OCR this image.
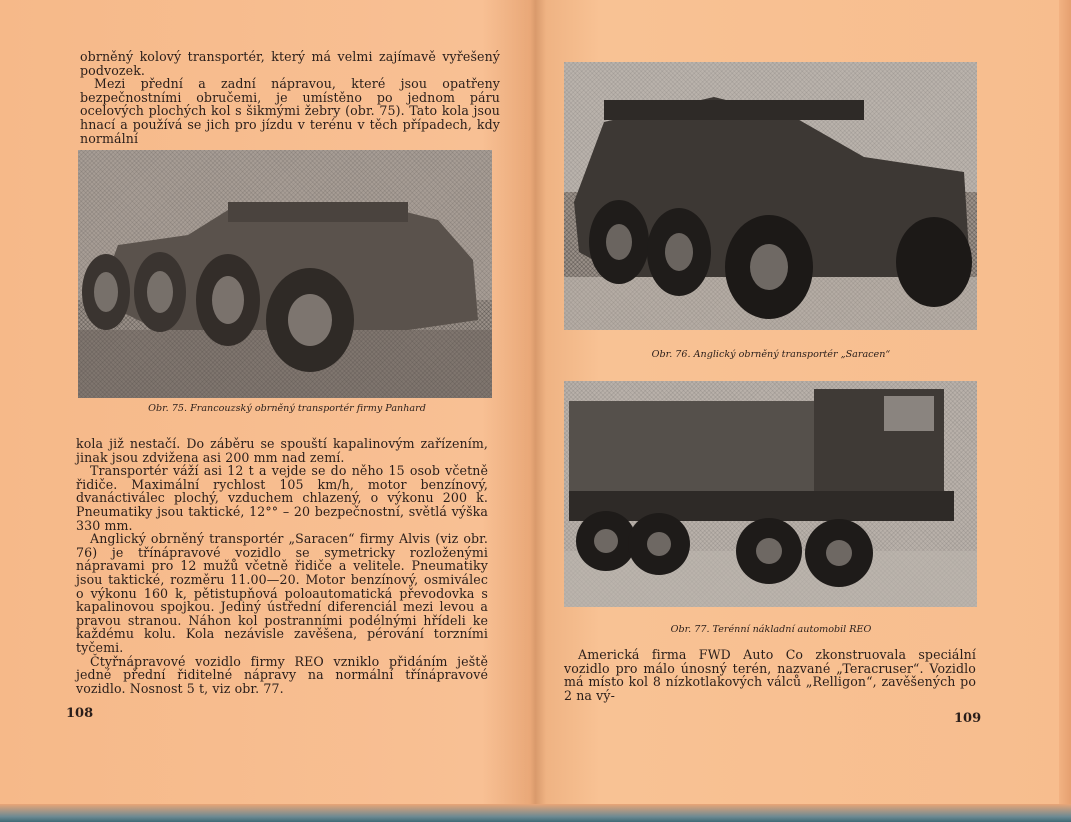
obrněný kolový transportér, který má velmi zajímavě vyřešený podvozek.

Mezi přední a zadní nápravou, které jsou opatřeny bezpečnostními obručemi, je umístěno po jednom páru ocelových plochých kol s šikmými žebry (obr. 75). Tato kola jsou hnací a používá se jich pro jízdu v terénu v těch případech, kdy normální

Obr. 75. Francouzský obrněný transportér firmy Panhard

kola již nestačí. Do záběru se spouští kapalinovým zařízením, jinak jsou zdvižena asi 200 mm nad zemí.

Transportér váží asi 12 t a vejde se do něho 15 osob včetně řidiče. Maximální rychlost 105 km/h, motor benzínový, dvanáctiválec plochý, vzduchem chlazený, o výkonu 200 k. Pneumatiky jsou taktické, 12°° – 20 bezpečnostní, světlá výška 330 mm.

Anglický obrněný transportér „Saracen“ firmy Alvis (viz obr. 76) je třínápravové vozidlo se symetricky rozloženými nápravami pro 12 mužů včetně řidiče a velitele. Pneumatiky jsou taktické, rozměru 11.00—20. Motor benzínový, osmiválec o výkonu 160 k, pětistupňová poloautomatická převodovka s kapalinovou spojkou. Jediný ústřední diferenciál mezi levou a pravou stranou. Náhon kol postranními podélnými hřídeli ke každému kolu. Kola nezávisle zavěšena, pérování torzními tyčemi.

Čtyřnápravové vozidlo firmy REO vzniklo přidáním ještě jedné přední řiditelné nápravy na normální třínápravové vozidlo. Nosnost 5 t, viz obr. 77.

108
Obr. 76. Anglický obrněný transportér „Saracen“
Obr. 77. Terénní nákladní automobil REO

Americká firma FWD Auto Co zkonstruovala speciální vozidlo pro málo únosný terén, nazvané „Teracruser“. Vozidlo má místo kol 8 nízkotlakových válců „Relligon“, zavěšených po 2 na vý-

109
